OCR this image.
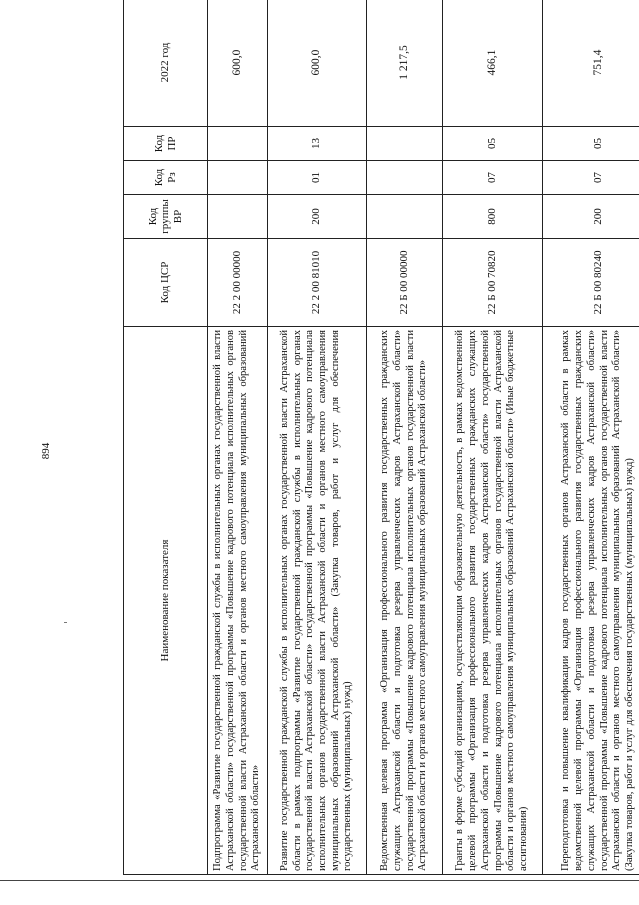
894
Наименование показателя	Код ЦСР	Код группы ВР	Код Рз	Код ПР	2022 год
Подпрограмма «Развитие государственной гражданской службы в исполнительных органах государственной власти Астраханской области» государственной программы «Повышение кадрового потенциала исполнительных органов государственной власти Астраханской области и органов местного самоуправления муниципальных образований Астраханской области»	22 2 00 00000				600,0
Развитие государственной гражданской службы в исполнительных органах государственной власти Астраханской области в рамках подпрограммы «Развитие государственной гражданской службы в исполнительных органах государственной власти Астраханской области» государственной программы «Повышение кадрового потенциала исполнительных органов государственной власти Астраханской области и органов местного самоуправления муниципальных образований Астраханской области» (Закупка товаров, работ и услуг для обеспечения государственных (муниципальных) нужд)	22 2 00 81010	200	01	13	600,0
Ведомственная целевая программа «Организация профессионального развития государственных гражданских служащих Астраханской области и подготовка резерва управленческих кадров Астраханской области» государственной программы «Повышение кадрового потенциала исполнительных органов государственной власти Астраханской области и органов местного самоуправления муниципальных образований Астраханской области»	22 Б 00 00000				1 217,5
Гранты в форме субсидий организациям, осуществляющим образовательную деятельность, в рамках ведомственной целевой программы «Организация профессионального развития государственных гражданских служащих Астраханской области и подготовка резерва управленческих кадров Астраханской области» государственной программы «Повышение кадрового потенциала исполнительных органов государственной власти Астраханской области и органов местного самоуправления муниципальных образований Астраханской области» (Иные бюджетные ассигнования)	22 Б 00 70820	800	07	05	466,1
Переподготовка и повышение квалификации кадров государственных органов Астраханской области в рамках ведомственной целевой программы «Организация профессионального развития государственных гражданских служащих Астраханской области и подготовка резерва управленческих кадров Астраханской области» государственной программы «Повышение кадрового потенциала исполнительных органов государственной власти Астраханской области и органов местного самоуправления муниципальных образований Астраханской области» (Закупка товаров, работ и услуг для обеспечения государственных (муниципальных) нужд)	22 Б 00 80240	200	07	05	751,4
